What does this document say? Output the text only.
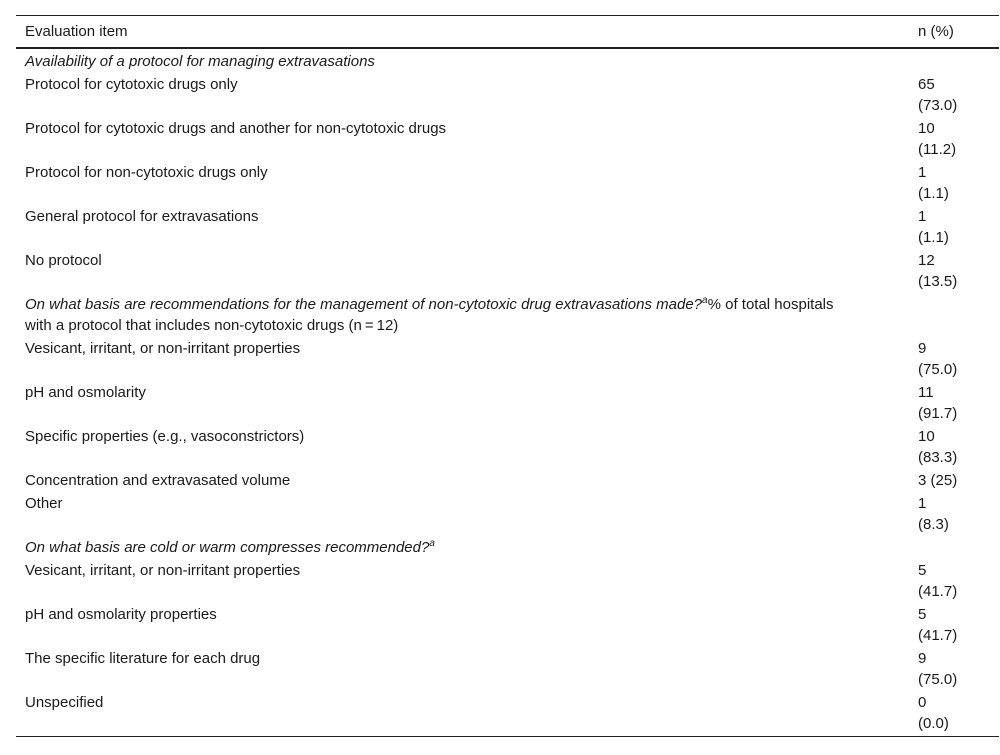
Evaluation item	n (%)
Availability of a protocol for managing extravasations	
Protocol for cytotoxic drugs only	65
(73.0)

Protocol for cytotoxic drugs and another for non-cytotoxic drugs	10
(11.2)

Protocol for non-cytotoxic drugs only	1
(1.1)

General protocol for extravasations	1
(1.1)

No protocol	12
(13.5)

On what basis are recommendations for the management of non-cytotoxic drug extravasations made?$^a$% of total hospitals with a protocol that includes non-cytotoxic drugs (n = 12)	
Vesicant, irritant, or non-irritant properties	9
(75.0)

pH and osmolarity	11
(91.7)

Specific properties (e.g., vasoconstrictors)	10
(83.3)

Concentration and extravasated volume	3 (25)

Other	1
(8.3)

On what basis are cold or warm compresses recommended?$^a$
Vesicant, irritant, or non-irritant properties	5
(41.7)

pH and osmolarity properties	5
(41.7)

The specific literature for each drug	9
(75.0)

Unspecified	0
(0.0)
